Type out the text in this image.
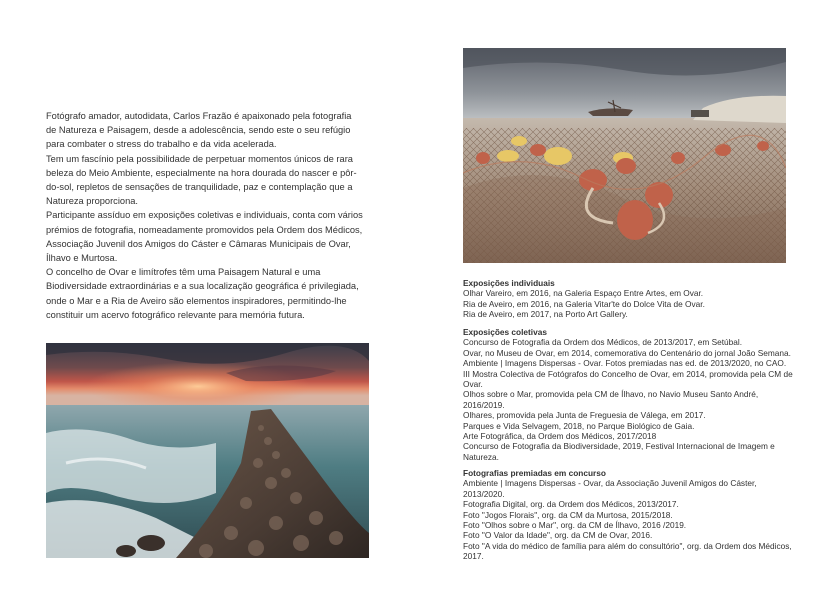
Fotógrafo amador, autodidata, Carlos Frazão é apaixonado pela fotografia de Natureza e Paisagem, desde a adolescência, sendo este o seu refúgio para combater o stress do trabalho e da vida acelerada.

Tem um fascínio pela possibilidade de perpetuar momentos únicos de rara beleza do Meio Ambiente, especialmente na hora dourada do nascer e pôr-do-sol, repletos de sensações de tranquilidade, paz e contemplação que a Natureza proporciona.

Participante assíduo em exposições coletivas e individuais, conta com vários prémios de fotografia, nomeadamente promovidos pela Ordem dos Médicos, Associação Juvenil dos Amigos do Cáster e Câmaras Municipais de Ovar, Ílhavo e Murtosa.

O concelho de Ovar e limítrofes têm uma Paisagem Natural e uma Biodiversidade extraordinárias e a sua localização geográfica é privilegiada, onde o Mar e a Ria de Aveiro são elementos inspiradores, permitindo-lhe constituir um acervo fotográfico relevante para memória futura.

Exposições individuais

Olhar Vareiro, em 2016, na Galeria Espaço Entre Artes, em Ovar.
Ria de Aveiro, em 2016, na Galeria Vitar'te do Dolce Vita de Ovar.
Ria de Aveiro, em 2017, na Porto Art Gallery.

Exposições coletivas

Concurso de Fotografia da Ordem dos Médicos, de 2013/2017, em Setúbal.
Ovar, no Museu de Ovar, em 2014, comemorativa do Centenário do jornal João Semana.
Ambiente | Imagens Dispersas - Ovar. Fotos premiadas nas ed. de 2013/2020, no CAO.
III Mostra Colectiva de Fotógrafos do Concelho de Ovar, em 2014, promovida pela CM de Ovar.
Olhos sobre o Mar, promovida pela CM de Ílhavo, no Navio Museu Santo André, 2016/2019.
Olhares, promovida pela Junta de Freguesia de Válega, em 2017.
Parques e Vida Selvagem, 2018, no Parque Biológico de Gaia.
Arte Fotográfica, da Ordem dos Médicos, 2017/2018
Concurso de Fotografia da Biodiversidade, 2019, Festival Internacional de Imagem e Natureza.

Fotografias premiadas em concurso

Ambiente | Imagens Dispersas - Ovar, da Associação Juvenil Amigos do Cáster, 2013/2020.
Fotografia Digital, org. da Ordem dos Médicos, 2013/2017.
Foto "Jogos Florais", org. da CM da Murtosa, 2015/2018.
Foto "Olhos sobre o Mar", org. da CM de Ílhavo, 2016 /2019.
Foto "O Valor da Idade", org. da CM de Ovar, 2016.
Foto "A vida do médico de família para além do consultório", org. da Ordem dos Médicos, 2017.
